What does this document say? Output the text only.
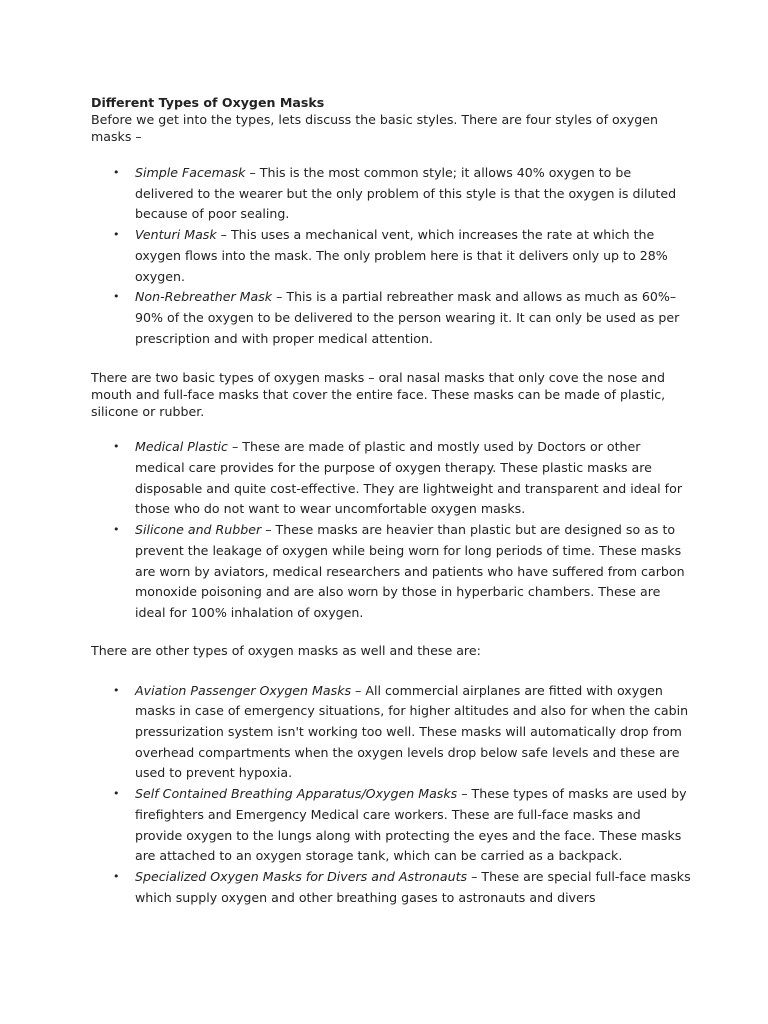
Different Types of Oxygen Masks

Before we get into the types, lets discuss the basic styles. There are four styles of oxygen masks –

• Simple Facemask – This is the most common style; it allows 40% oxygen to be delivered to the wearer but the only problem of this style is that the oxygen is diluted because of poor sealing.
• Venturi Mask – This uses a mechanical vent, which increases the rate at which the oxygen flows into the mask. The only problem here is that it delivers only up to 28% oxygen.
• Non-Rebreather Mask – This is a partial rebreather mask and allows as much as 60%–90% of the oxygen to be delivered to the person wearing it. It can only be used as per prescription and with proper medical attention.

There are two basic types of oxygen masks – oral nasal masks that only cove the nose and mouth and full-face masks that cover the entire face. These masks can be made of plastic, silicone or rubber.

• Medical Plastic – These are made of plastic and mostly used by Doctors or other medical care provides for the purpose of oxygen therapy. These plastic masks are disposable and quite cost-effective. They are lightweight and transparent and ideal for those who do not want to wear uncomfortable oxygen masks.
• Silicone and Rubber – These masks are heavier than plastic but are designed so as to prevent the leakage of oxygen while being worn for long periods of time. These masks are worn by aviators, medical researchers and patients who have suffered from carbon monoxide poisoning and are also worn by those in hyperbaric chambers. These are ideal for 100% inhalation of oxygen.

There are other types of oxygen masks as well and these are:

• Aviation Passenger Oxygen Masks – All commercial airplanes are fitted with oxygen masks in case of emergency situations, for higher altitudes and also for when the cabin pressurization system isn't working too well. These masks will automatically drop from overhead compartments when the oxygen levels drop below safe levels and these are used to prevent hypoxia.
• Self Contained Breathing Apparatus/Oxygen Masks – These types of masks are used by firefighters and Emergency Medical care workers. These are full-face masks and provide oxygen to the lungs along with protecting the eyes and the face. These masks are attached to an oxygen storage tank, which can be carried as a backpack.
• Specialized Oxygen Masks for Divers and Astronauts – These are special full-face masks which supply oxygen and other breathing gases to astronauts and divers
